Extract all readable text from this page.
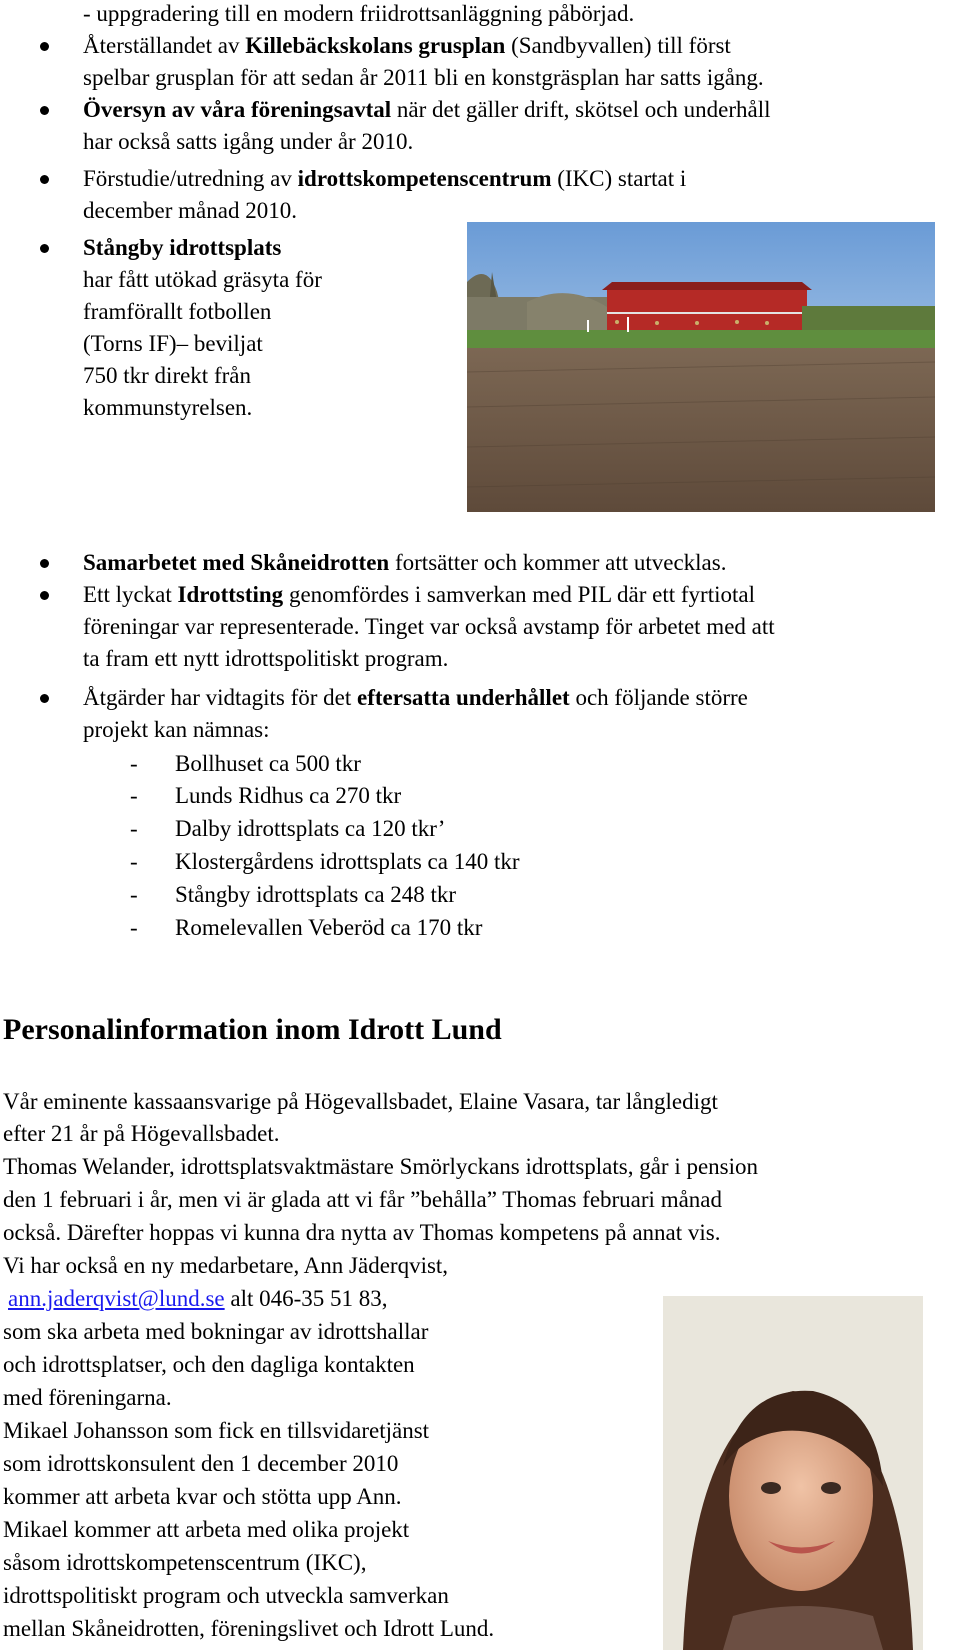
- uppgradering till en modern friidrottsanläggning påbörjad.
Återställandet av Killebäckskolans grusplan (Sandbyvallen) till först
spelbar grusplan för att sedan år 2011 bli en konstgräsplan har satts igång.
Översyn av våra föreningsavtal när det gäller drift, skötsel och underhåll
har också satts igång under år 2010.
Förstudie/utredning av idrottskompetenscentrum (IKC) startat i
december månad 2010.
Stångby idrottsplats
har fått utökad gräsyta för
framförallt fotbollen
(Torns IF)– beviljat
750 tkr direkt från
kommunstyrelsen.
Samarbetet med Skåneidrotten fortsätter och kommer att utvecklas.
Ett lyckat Idrottsting genomfördes i samverkan med PIL där ett fyrtiotal
föreningar var representerade. Tinget var också avstamp för arbetet med att
ta fram ett nytt idrottspolitiskt program.
Åtgärder har vidtagits för det eftersatta underhållet och följande större
projekt kan nämnas:
- Bollhuset ca 500 tkr
- Lunds Ridhus ca 270 tkr
- Dalby idrottsplats ca 120 tkr’
- Klostergårdens idrottsplats ca 140 tkr
- Stångby idrottsplats ca 248 tkr
- Romelevallen Veberöd ca 170 tkr
Personalinformation inom Idrott Lund
Vår eminente kassaansvarige på Högevallsbadet, Elaine Vasara, tar långledigt
efter 21 år på Högevallsbadet.
Thomas Welander, idrottsplatsvaktmästare Smörlyckans idrottsplats, går i pension
den 1 februari i år, men vi är glada att vi får ”behålla” Thomas februari månad
också. Därefter hoppas vi kunna dra nytta av Thomas kompetens på annat vis.
Vi har också en ny medarbetare, Ann Jäderqvist,
ann.jaderqvist@lund.se alt 046-35 51 83,
som ska arbeta med bokningar av idrottshallar
och idrottsplatser, och den dagliga kontakten
med föreningarna.
Mikael Johansson som fick en tillsvidaretjänst
som idrottskonsulent den 1 december 2010
kommer att arbeta kvar och stötta upp Ann.
Mikael kommer att arbeta med olika projekt
såsom idrottskompetenscentrum (IKC),
idrottspolitiskt program och utveckla samverkan
mellan Skåneidrotten, föreningslivet och Idrott Lund.
